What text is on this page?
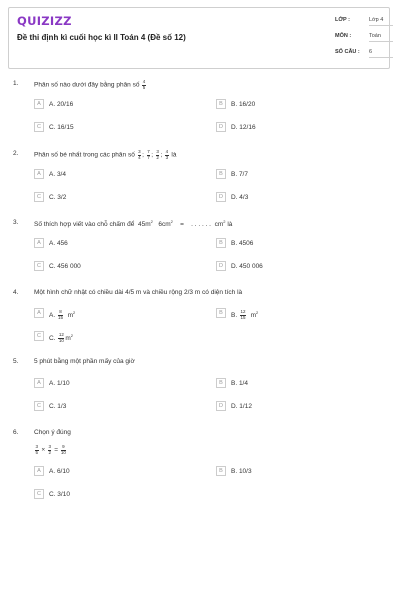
QUIZIZZ
Đề thi định kì cuối học kì II Toán 4 (Đề số 12)
LỚP :	Lớp 4
MÔN :	Toán
SỐ CÂU : 6
1. Phân số nào dưới đây bằng phân số $\frac{4}{5}$
A	A. 20/16	B	B. 16/20
C	C. 16/15	D	D. 12/16
2. Phân số bé nhất trong các phân số $\frac{3}{4}$ ; $\frac{7}{7}$ ; $\frac{3}{2}$ ; $\frac{4}{3}$ là
A	A. 3/4	B	B. 7/7
C	C. 3/2	D	D. 4/3
3. Số thích hợp viết vào chỗ chấm để $45m^2$ $6cm^2$ = . . . . . . $cm^2$ là
A	A. 456	B	B. 4506
C	C. 456 000	D	D. 450 006
4. Một hình chữ nhật có chiều dài 4/5 m và chiều rộng 2/3 m có diện tích là
A	A. $\frac{8}{15} m^2$	B	B. $\frac{12}{15} m^2$
C	C. $\frac{12}{10} m^2$
5. 5 phút bằng một phần mấy của giờ
A	A. 1/10	B	B. 1/4
C	C. 1/3	D	D. 1/12
6. Chọn ý đúng
$\frac{3}{5} \times \frac{3}{2} = \frac{9}{10}$
A	A. 6/10	B	B. 10/3
C	C. 3/10
